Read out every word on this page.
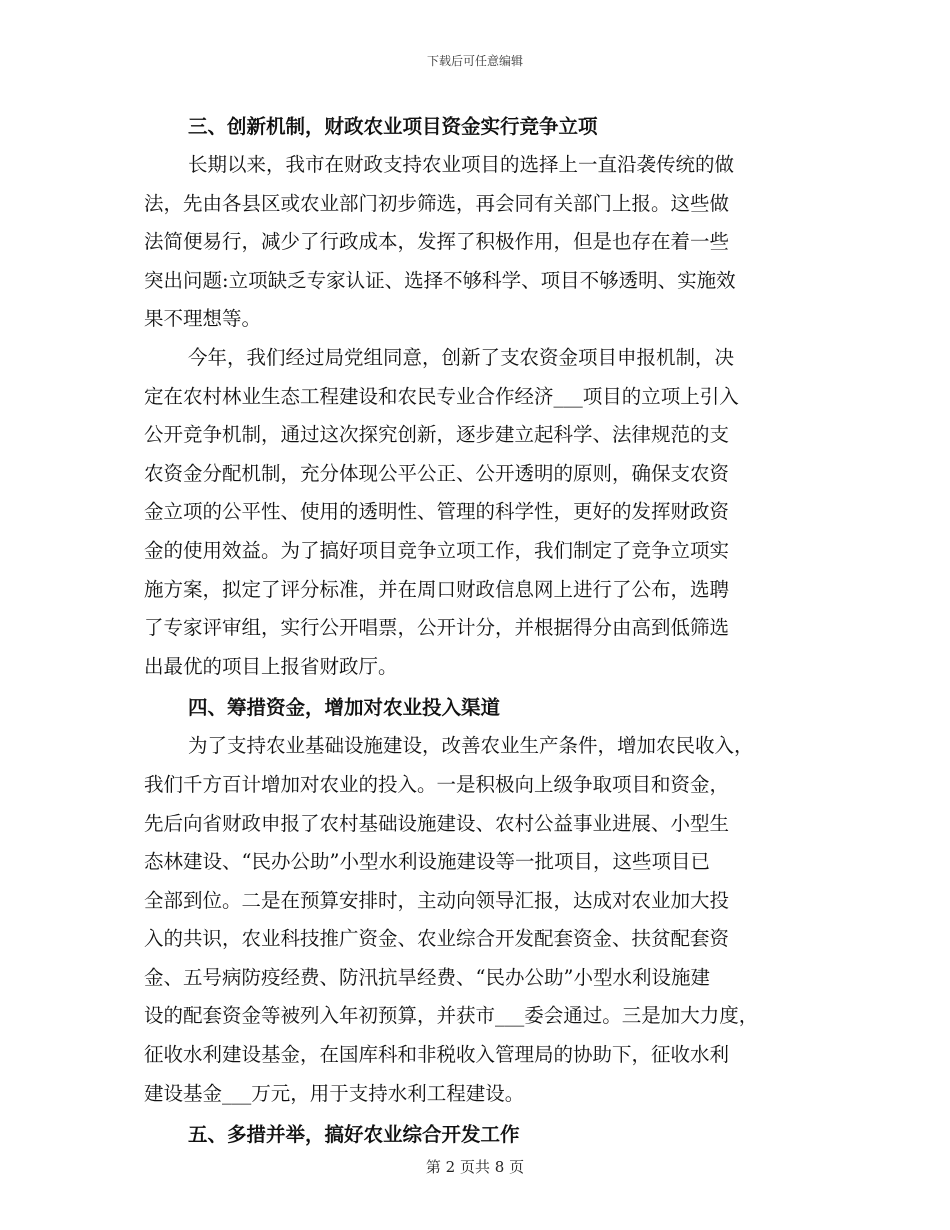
下载后可任意编辑
三、创新机制，财政农业项目资金实行竞争立项
长期以来，我市在财政支持农业项目的选择上一直沿袭传统的做
法，先由各县区或农业部门初步筛选，再会同有关部门上报。这些做
法简便易行，减少了行政成本，发挥了积极作用，但是也存在着一些
突出问题:立项缺乏专家认证、选择不够科学、项目不够透明、实施效
果不理想等。
今年，我们经过局党组同意，创新了支农资金项目申报机制，决
定在农村林业生态工程建设和农民专业合作经济___项目的立项上引入
公开竞争机制，通过这次探究创新，逐步建立起科学、法律规范的支
农资金分配机制，充分体现公平公正、公开透明的原则，确保支农资
金立项的公平性、使用的透明性、管理的科学性，更好的发挥财政资
金的使用效益。为了搞好项目竞争立项工作，我们制定了竞争立项实
施方案，拟定了评分标准，并在周口财政信息网上进行了公布，选聘
了专家评审组，实行公开唱票，公开计分，并根据得分由高到低筛选
出最优的项目上报省财政厅。
四、筹措资金，增加对农业投入渠道
为了支持农业基础设施建设，改善农业生产条件，增加农民收入，
我们千方百计增加对农业的投入。一是积极向上级争取项目和资金，
先后向省财政申报了农村基础设施建设、农村公益事业进展、小型生
态林建设、“民办公助”小型水利设施建设等一批项目，这些项目已
全部到位。二是在预算安排时，主动向领导汇报，达成对农业加大投
入的共识，农业科技推广资金、农业综合开发配套资金、扶贫配套资
金、五号病防疫经费、防汛抗旱经费、“民办公助”小型水利设施建
设的配套资金等被列入年初预算，并获市___委会通过。三是加大力度，
征收水利建设基金，在国库科和非税收入管理局的协助下，征收水利
建设基金___万元，用于支持水利工程建设。
五、多措并举，搞好农业综合开发工作
第 2 页共 8 页
